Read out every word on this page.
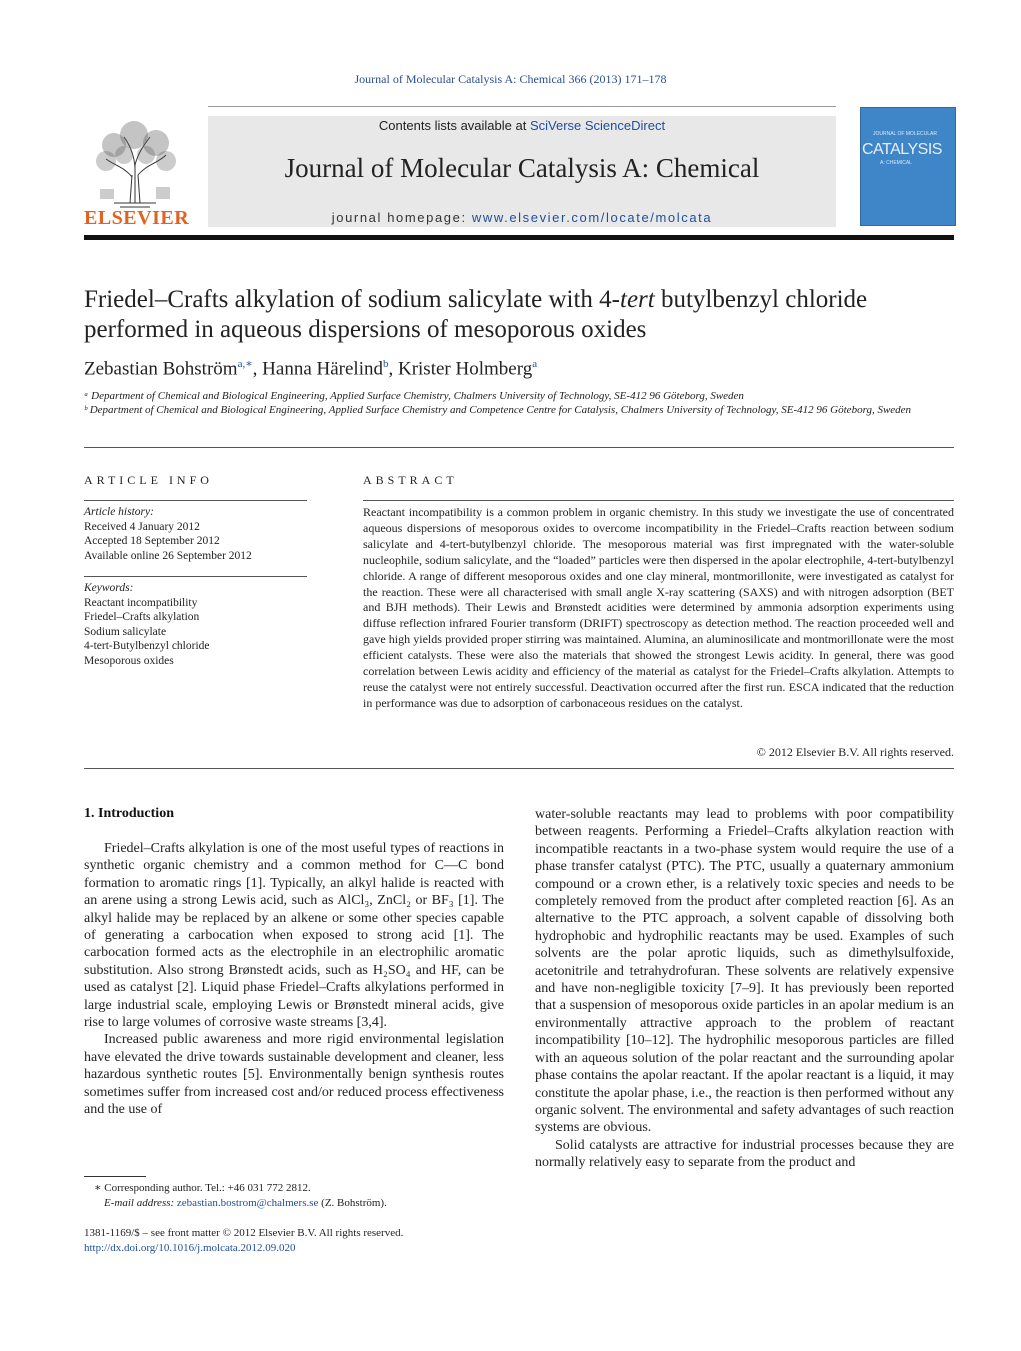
Journal of Molecular Catalysis A: Chemical 366 (2013) 171–178
ELSEVIER
Contents lists available at SciVerse ScienceDirect
Journal of Molecular Catalysis A: Chemical
journal homepage: www.elsevier.com/locate/molcata
JOURNAL OF MOLECULAR
CATALYSIS
A: CHEMICAL
Friedel–Crafts alkylation of sodium salicylate with 4-tert butylbenzyl chloride performed in aqueous dispersions of mesoporous oxides
Zebastian Bohström$^{a,∗}$, Hanna Härelind$^b$, Krister Holmberg$^a$
ᵃ Department of Chemical and Biological Engineering, Applied Surface Chemistry, Chalmers University of Technology, SE-412 96 Göteborg, Sweden
ᵇ Department of Chemical and Biological Engineering, Applied Surface Chemistry and Competence Centre for Catalysis, Chalmers University of Technology, SE-412 96 Göteborg, Sweden
ARTICLE INFO
Article history:
Received 4 January 2012
Accepted 18 September 2012
Available online 26 September 2012
Keywords:
Reactant incompatibility
Friedel–Crafts alkylation
Sodium salicylate
4-tert-Butylbenzyl chloride
Mesoporous oxides
ABSTRACT

Reactant incompatibility is a common problem in organic chemistry. In this study we investigate the use of concentrated aqueous dispersions of mesoporous oxides to overcome incompatibility in the Friedel–Crafts reaction between sodium salicylate and 4-tert-butylbenzyl chloride. The mesoporous material was first impregnated with the water-soluble nucleophile, sodium salicylate, and the “loaded” particles were then dispersed in the apolar electrophile, 4-tert-butylbenzyl chloride. A range of different mesoporous oxides and one clay mineral, montmorillonite, were investigated as catalyst for the reaction. These were all characterised with small angle X-ray scattering (SAXS) and with nitrogen adsorption (BET and BJH methods). Their Lewis and Brønstedt acidities were determined by ammonia adsorption experiments using diffuse reflection infrared Fourier transform (DRIFT) spectroscopy as detection method. The reaction proceeded well and gave high yields provided proper stirring was maintained. Alumina, an aluminosilicate and montmorillonate were the most efficient catalysts. These were also the materials that showed the strongest Lewis acidity. In general, there was good correlation between Lewis acidity and efficiency of the material as catalyst for the Friedel–Crafts alkylation. Attempts to reuse the catalyst were not entirely successful. Deactivation occurred after the first run. ESCA indicated that the reduction in performance was due to adsorption of carbonaceous residues on the catalyst.

© 2012 Elsevier B.V. All rights reserved.
1. Introduction

Friedel–Crafts alkylation is one of the most useful types of reactions in synthetic organic chemistry and a common method for C—C bond formation to aromatic rings [1]. Typically, an alkyl halide is reacted with an arene using a strong Lewis acid, such as AlCl₃, ZnCl₂ or BF₃ [1]. The alkyl halide may be replaced by an alkene or some other species capable of generating a carbocation when exposed to strong acid [1]. The carbocation formed acts as the electrophile in an electrophilic aromatic substitution. Also strong Brønstedt acids, such as H₂SO₄ and HF, can be used as catalyst [2]. Liquid phase Friedel–Crafts alkylations performed in large industrial scale, employing Lewis or Brønstedt mineral acids, give rise to large volumes of corrosive waste streams [3,4].

Increased public awareness and more rigid environmental legislation have elevated the drive towards sustainable development and cleaner, less hazardous synthetic routes [5]. Environmentally benign synthesis routes sometimes suffer from increased cost and/or reduced process effectiveness and the use of

water-soluble reactants may lead to problems with poor compatibility between reagents. Performing a Friedel–Crafts alkylation reaction with incompatible reactants in a two-phase system would require the use of a phase transfer catalyst (PTC). The PTC, usually a quaternary ammonium compound or a crown ether, is a relatively toxic species and needs to be completely removed from the product after completed reaction [6]. As an alternative to the PTC approach, a solvent capable of dissolving both hydrophobic and hydrophilic reactants may be used. Examples of such solvents are the polar aprotic liquids, such as dimethylsulfoxide, acetonitrile and tetrahydrofuran. These solvents are relatively expensive and have non-negligible toxicity [7–9]. It has previously been reported that a suspension of mesoporous oxide particles in an apolar medium is an environmentally attractive approach to the problem of reactant incompatibility [10–12]. The hydrophilic mesoporous particles are filled with an aqueous solution of the polar reactant and the surrounding apolar phase contains the apolar reactant. If the apolar reactant is a liquid, it may constitute the apolar phase, i.e., the reaction is then performed without any organic solvent. The environmental and safety advantages of such reaction systems are obvious.

Solid catalysts are attractive for industrial processes because they are normally relatively easy to separate from the product and

∗ Corresponding author. Tel.: +46 031 772 2812.
E-mail address: zebastian.bostrom@chalmers.se (Z. Bohström).
1381-1169/$ – see front matter © 2012 Elsevier B.V. All rights reserved.
http://dx.doi.org/10.1016/j.molcata.2012.09.020
